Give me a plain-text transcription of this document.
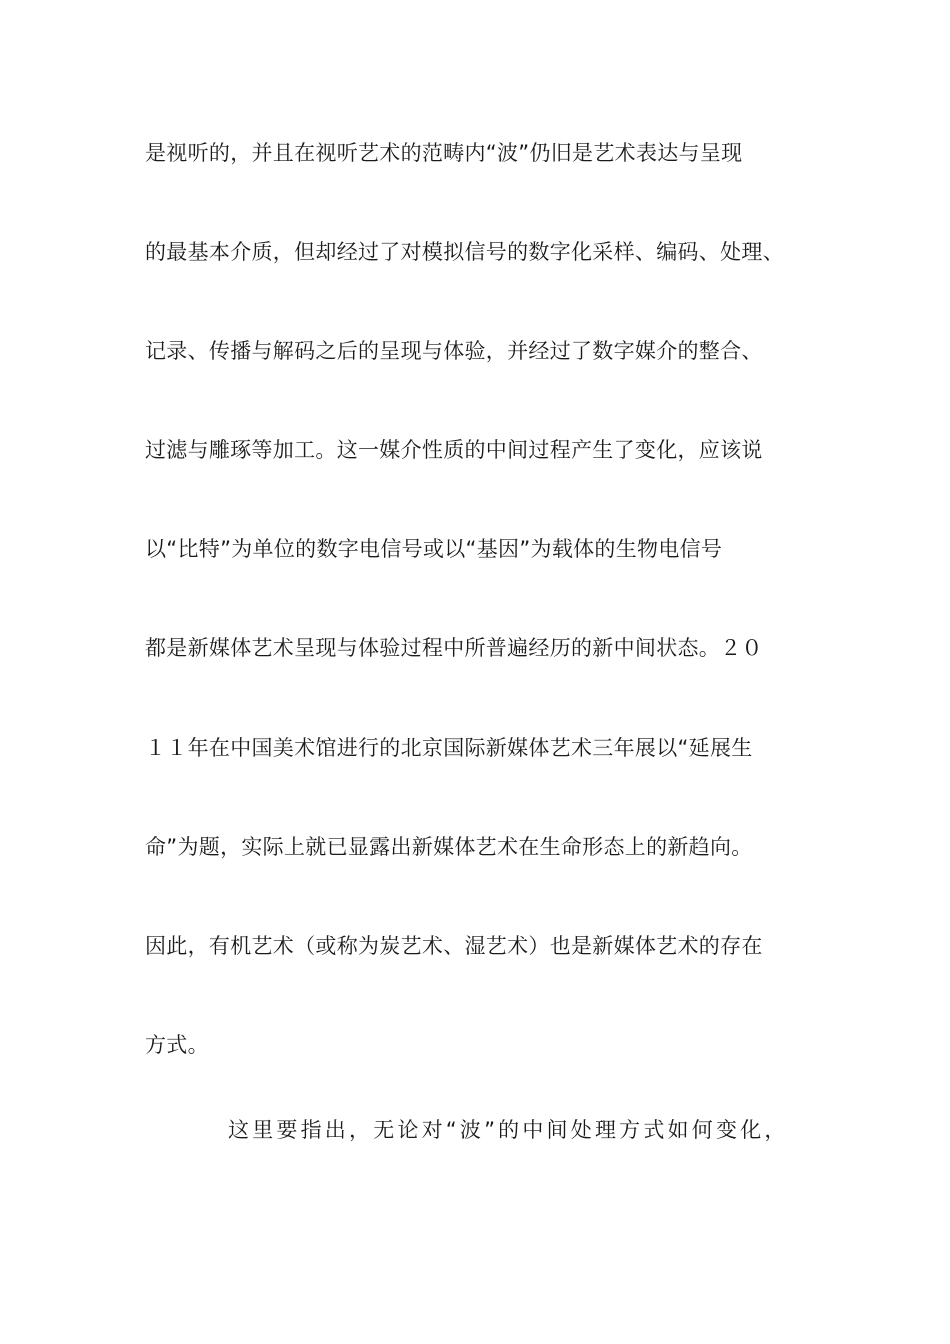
是视听的，并且在视听艺术的范畴内“波”仍旧是艺术表达与呈现
的最基本介质，但却经过了对模拟信号的数字化采样、编码、处理、
记录、传播与解码之后的呈现与体验，并经过了数字媒介的整合、
过滤与雕琢等加工。这一媒介性质的中间过程产生了变化，应该说
以“比特”为单位的数字电信号或以“基因”为载体的生物电信号
都是新媒体艺术呈现与体验过程中所普遍经历的新中间状态。２０
１１年在中国美术馆进行的北京国际新媒体艺术三年展以“延展生
命”为题，实际上就已显露出新媒体艺术在生命形态上的新趋向。
因此，有机艺术（或称为炭艺术、湿艺术）也是新媒体艺术的存在
方式。
这里要指出，无论对“波”的中间处理方式如何变化，
